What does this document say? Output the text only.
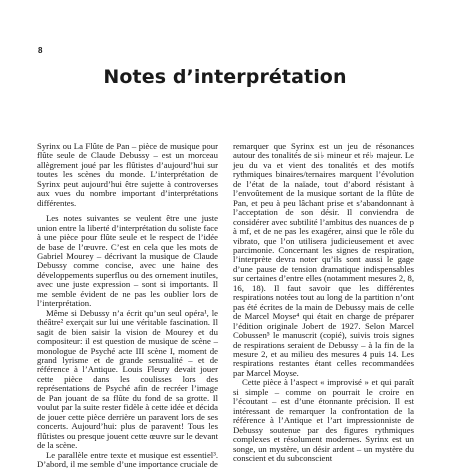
8
Notes d’interprétation

Syrinx ou La Flûte de Pan – pièce de musique pour flûte seule de Claude Debussy – est un morceau allègrement joué par les flûtistes d’aujourd’hui sur toutes les scènes du monde. L’interprétation de Syrinx peut aujourd’hui être sujette à controverses aux vues du nombre important d’interprétations différentes.

Les notes suivantes se veulent être une juste union entre la liberté d’interprétation du soliste face à une pièce pour flûte seule et le respect de l’idée de base de l’œuvre. C’est en cela que les mots de Gabriel Mourey – décrivant la musique de Claude Debussy comme concise, avec une haine des développements superflus ou des ornement inutiles, avec une juste expression – sont si importants. Il me semble évident de ne pas les oublier lors de l’interprétation.

Même si Debussy n’a écrit qu’un seul opéra¹, le théâtre² exerçait sur lui une véritable fascination. Il sagit de bien saisir la vision de Mourey et du compositeur: il est question de musique de scène – monologue de Psyché acte III scène I, moment de grand lyrisme et de grande sensualité – et de référence à l’Antique. Louis Fleury devait jouer cette pièce dans les coulisses lors des représentations de Psyché afin de recréer l’image de Pan jouant de sa flûte du fond de sa grotte. Il voulut par la suite rester fidèle à cette idée et décida de jouer cette pièce derrière un paravent lors de ses concerts. Aujourd’hui: plus de paravent! Tous les flûtistes ou presque jouent cette œuvre sur le devant de la scène.

Le parallèle entre texte et musique est essentiel³. D’abord, il me semble d’une importance cruciale de

remarquer que Syrinx est un jeu de résonances autour des tonalités de si♭ mineur et ré♭ majeur. Le jeu du va et vient des tonalités et des motifs rythmiques binaires/ternaires marquent l’évolution de l’état de la naïade, tout d’abord résistant à l’envoûtement de la musique sortant de la flûte de Pan, et peu à peu lâchant prise et s’abandonnant à l’acceptation de son désir. Il conviendra de considérer avec subtilité l’ambitus des nuances de p à mf, et de ne pas les exagérer, ainsi que le rôle du vibrato, que l’on utilisera judicieusement et avec parcimonie. Concernant les signes de respiration, l’interprète devra noter qu’ils sont aussi le gage d’une pause de tension dramatique indispensables sur certaines d’entre elles (notamment mesures 2, 8, 16, 18). Il faut savoir que les différentes respirations notées tout au long de la partition n’ont pas été écrites de la main de Debussy mais de celle de Marcel Moyse⁴ qui était en charge de préparer l’édition originale Jobert de 1927. Selon Marcel Cobussen⁵ le manuscrit (copié), suivis trois signes de respirations seraient de Debussy – à la fin de la mesure 2, et au milieu des mesures 4 puis 14. Les respirations restantes étant celles recommandées par Marcel Moyse.

Cette pièce à l’aspect « improvisé » et qui paraît si simple – comme on pourrait le croire en l’écoutant – est d’une étonnante précision. Il est intéressant de remarquer la confrontation de la référence à l’Antique et l’art impressionniste de Debussy soutenue par des figures rythmiques complexes et résolument modernes. Syrinx est un songe, un mystère, un désir ardent – un mystère du conscient et du subconscient
